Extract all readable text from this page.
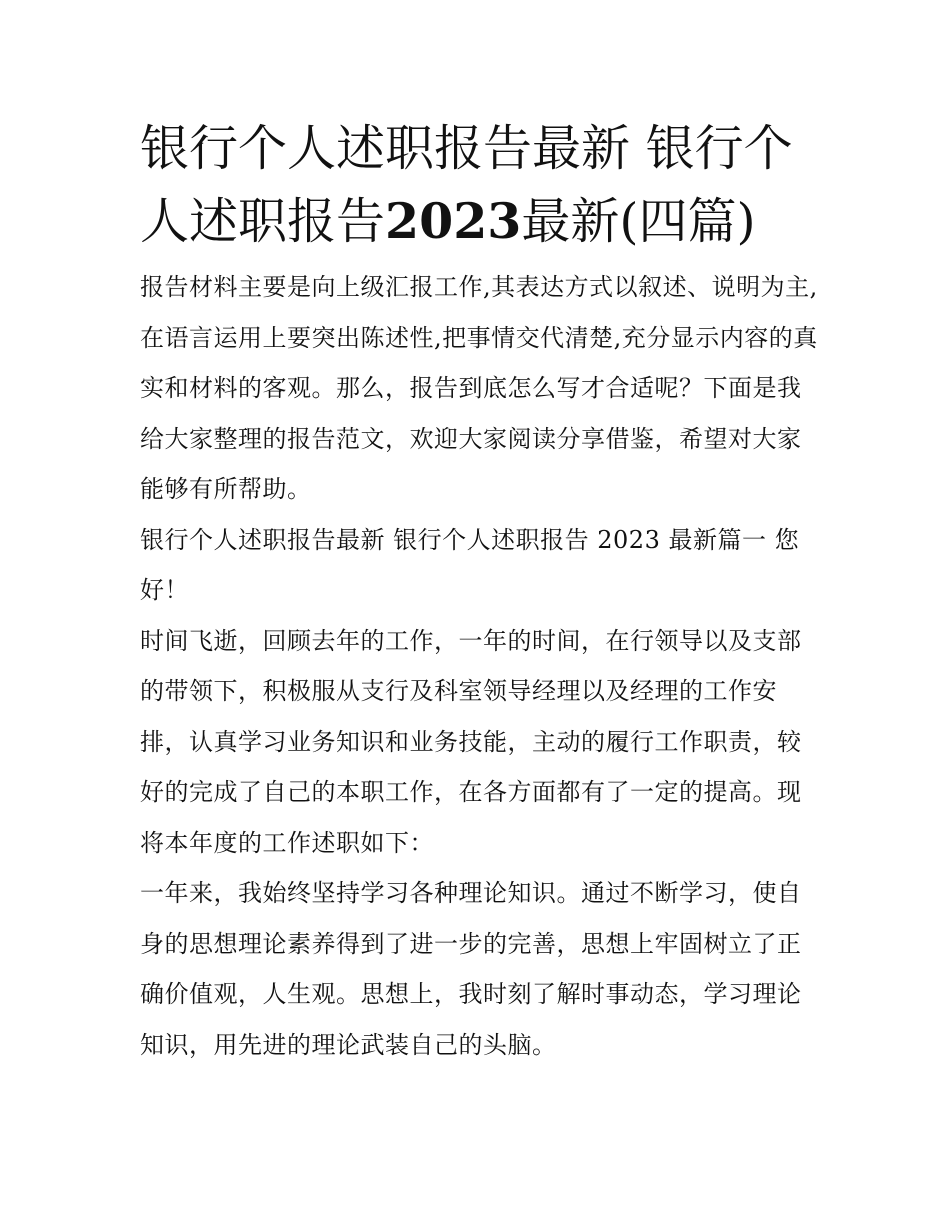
银行个人述职报告最新 银行个人述职报告2023最新(四篇)

报告材料主要是向上级汇报工作,其表达方式以叙述、说明为主,在语言运用上要突出陈述性,把事情交代清楚,充分显示内容的真实和材料的客观。那么，报告到底怎么写才合适呢？下面是我给大家整理的报告范文，欢迎大家阅读分享借鉴，希望对大家能够有所帮助。

银行个人述职报告最新 银行个人述职报告 2023 最新篇一 您好！

时间飞逝，回顾去年的工作，一年的时间，在行领导以及支部的带领下，积极服从支行及科室领导经理以及经理的工作安排，认真学习业务知识和业务技能，主动的履行工作职责，较好的完成了自己的本职工作，在各方面都有了一定的提高。现将本年度的工作述职如下：

一年来，我始终坚持学习各种理论知识。通过不断学习，使自身的思想理论素养得到了进一步的完善，思想上牢固树立了正确价值观，人生观。思想上，我时刻了解时事动态，学习理论知识，用先进的理论武装自己的头脑。
